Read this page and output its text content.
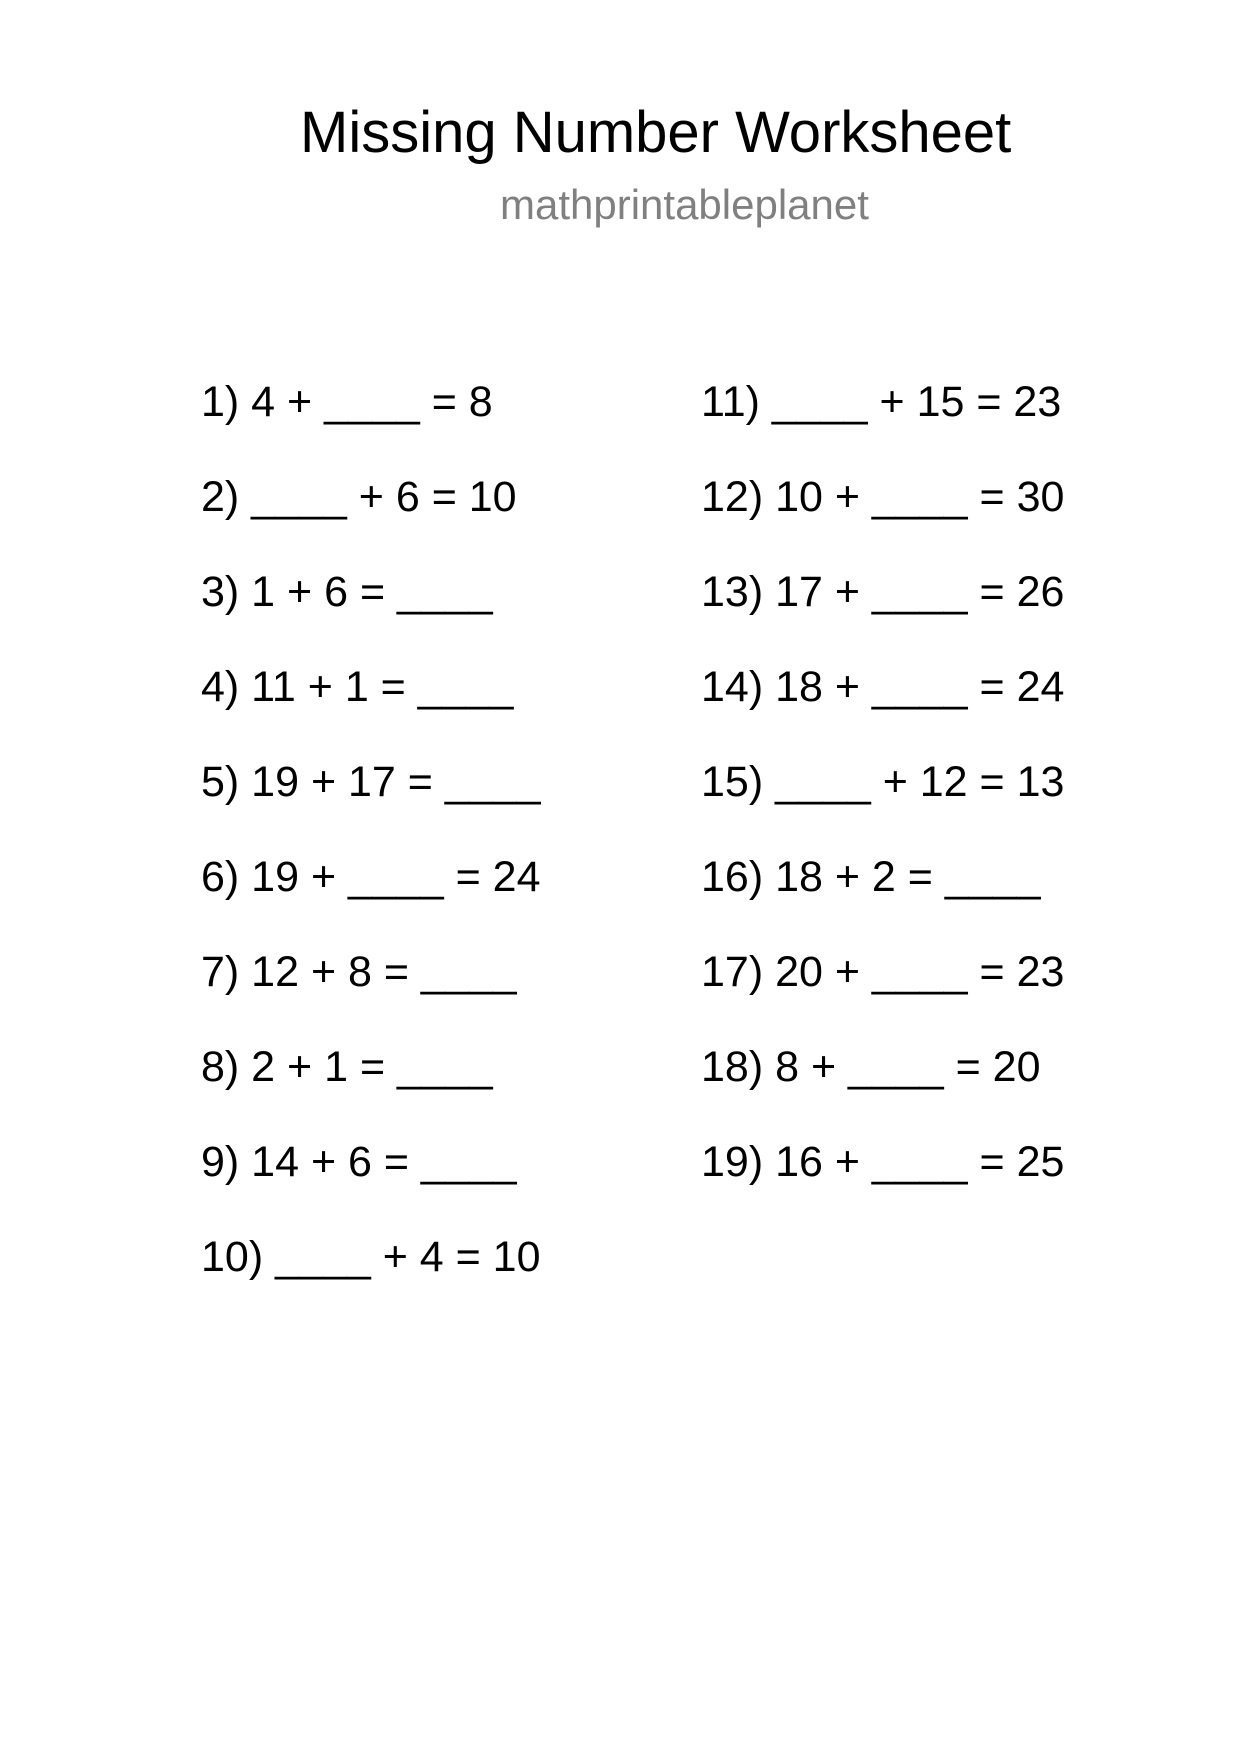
Missing Number Worksheet
mathprintableplanet
1) 4 + ____ = 8
2) ____ + 6 = 10
3) 1 + 6 = ____
4) 11 + 1 = ____
5) 19 + 17 = ____
6) 19 + ____ = 24
7) 12 + 8 = ____
8) 2 + 1 = ____
9) 14 + 6 = ____
10) ____ + 4 = 10
11) ____ + 15 = 23
12) 10 + ____ = 30
13) 17 + ____ = 26
14) 18 + ____ = 24
15) ____ + 12 = 13
16) 18 + 2 = ____
17) 20 + ____ = 23
18) 8 + ____ = 20
19) 16 + ____ = 25
